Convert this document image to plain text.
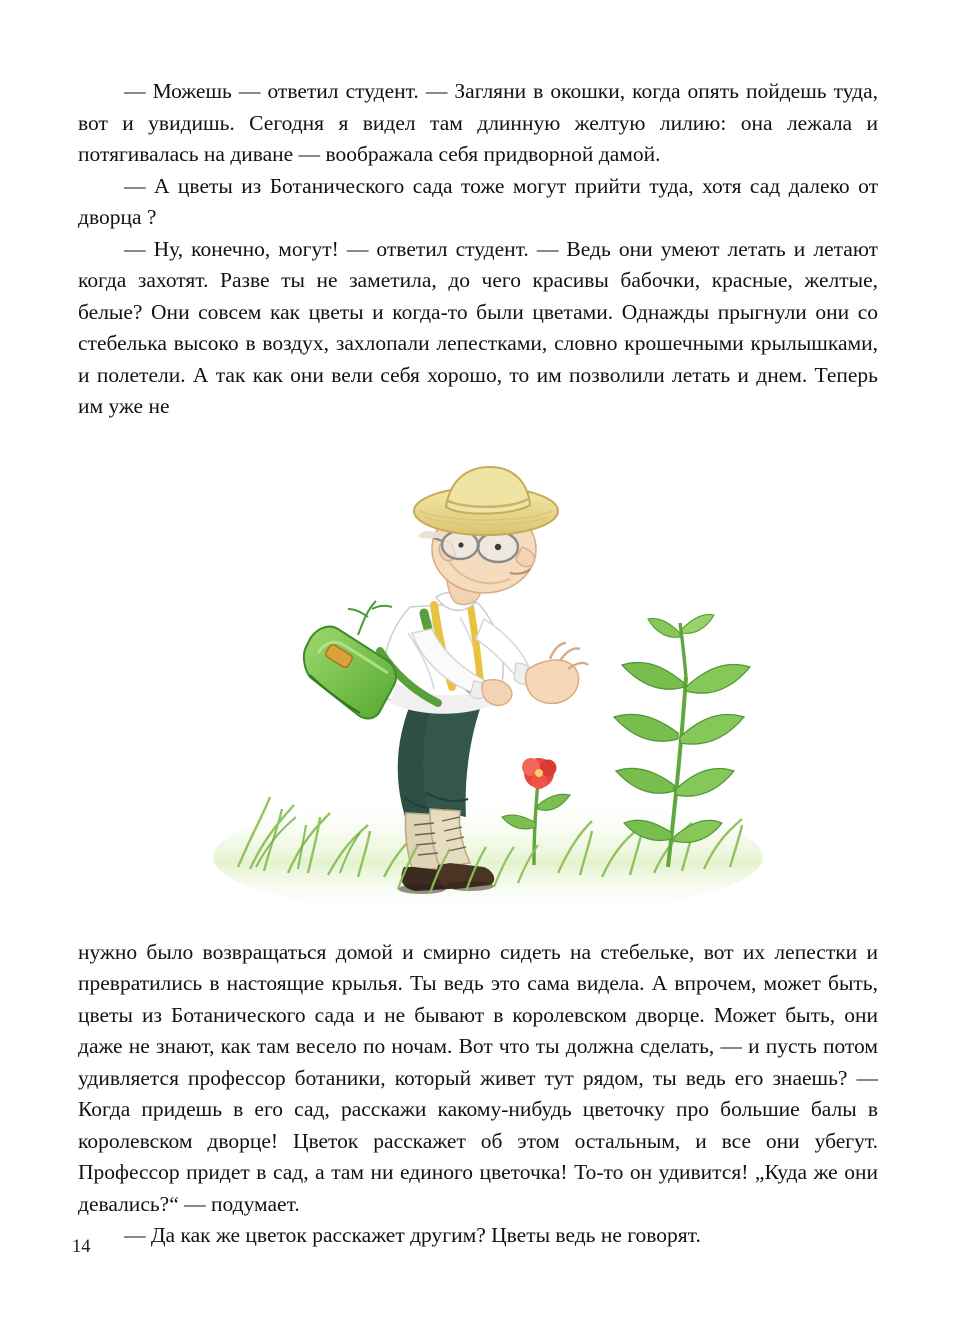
— Можешь — ответил студент. — Загляни в окошки, когда опять пойдешь туда, вот и увидишь. Сегодня я видел там длинную желтую лилию: она лежала и потягивалась на диване — воображала себя придворной дамой.

— А цветы из Ботанического сада тоже могут прийти туда, хотя сад далеко от дворца ?

— Ну, конечно, могут! — ответил студент. — Ведь они умеют летать и летают когда захотят. Разве ты не заметила, до чего красивы бабочки, красные, желтые, белые? Они совсем как цветы и когда-то были цветами. Однажды прыгнули они со стебелька высоко в воздух, захлопали лепестками, словно крошечными крылышками, и полетели. А так как они вели себя хорошо, то им позволили летать и днем. Теперь им уже не

нужно было возвращаться домой и смирно сидеть на стебельке, вот их лепестки и превратились в настоящие крылья. Ты ведь это сама видела. А впрочем, может быть, цветы из Ботанического сада и не бывают в королевском дворце. Может быть, они даже не знают, как там весело по ночам. Вот что ты должна сделать, — и пусть потом удивляется профессор ботаники, который живет тут рядом, ты ведь его знаешь? — Когда придешь в его сад, расскажи какому-нибудь цветочку про большие балы в королевском дворце! Цветок расскажет об этом остальным, и все они убегут. Профессор придет в сад, а там ни единого цветочка! То-то он удивится! „Куда же они девались?“ — подумает.

— Да как же цветок расскажет другим? Цветы ведь не говорят.

14
